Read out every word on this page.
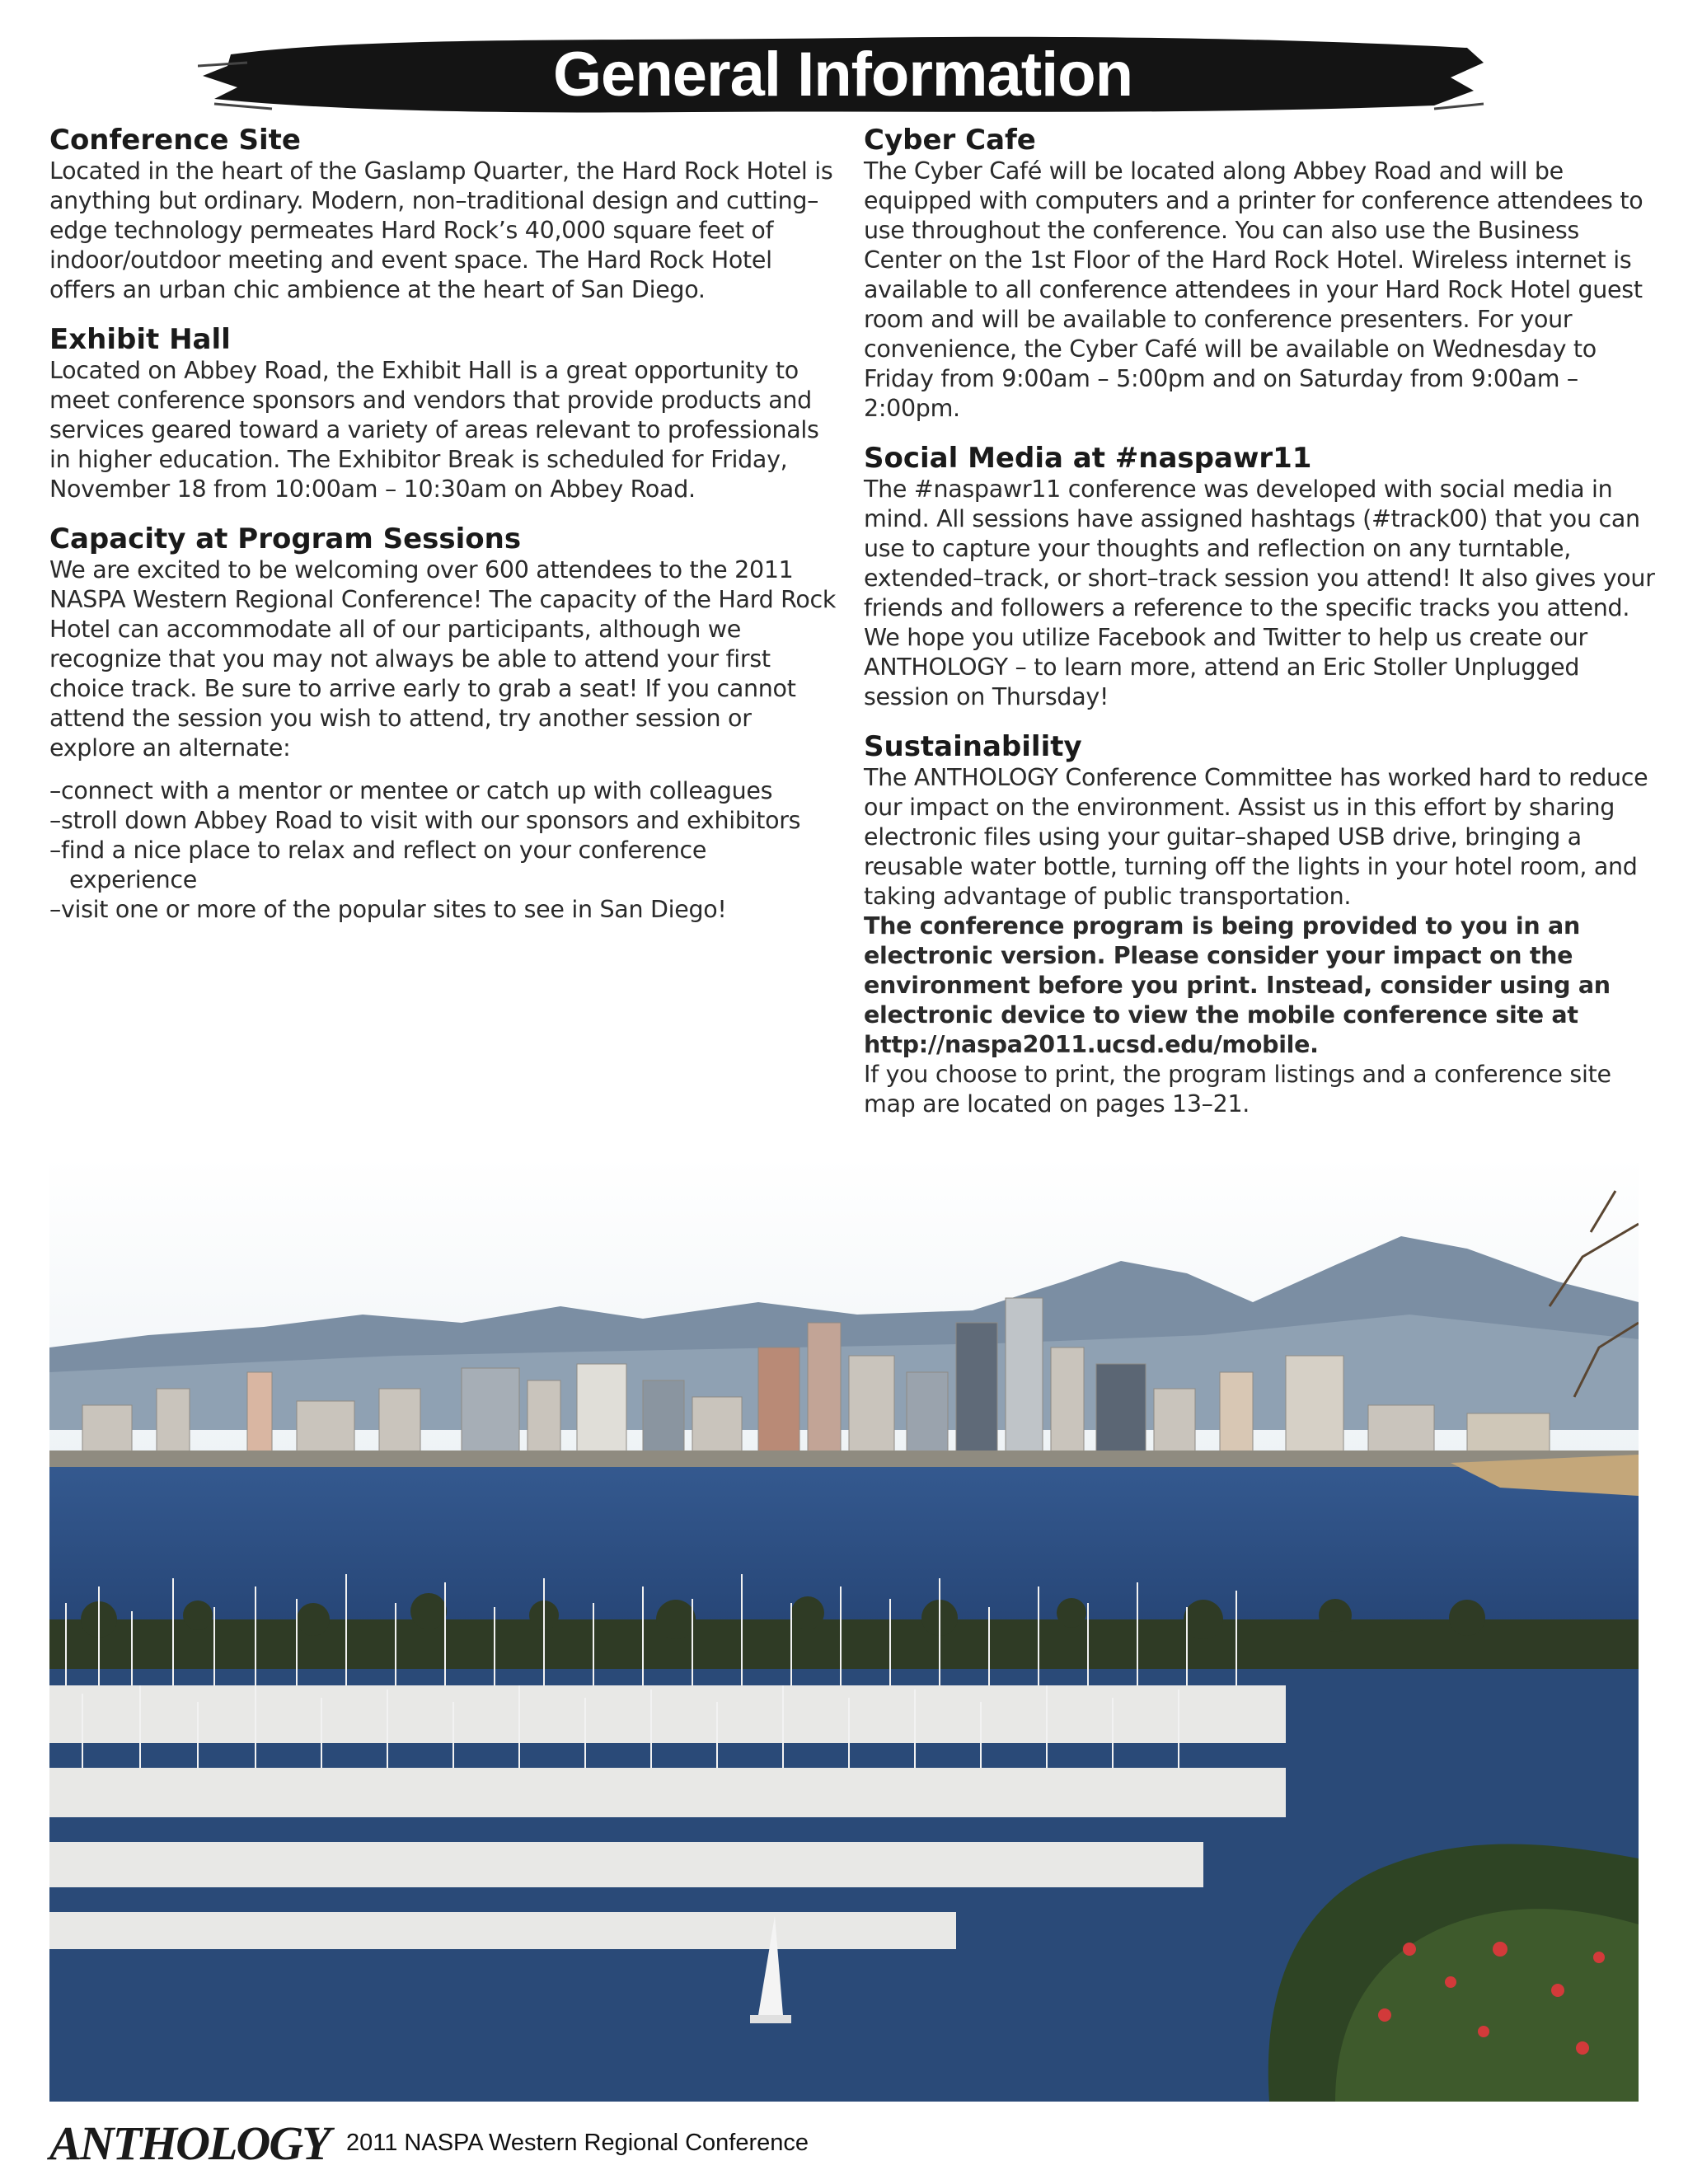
General Information
Conference Site

Located in the heart of the Gaslamp Quarter, the Hard Rock Hotel is anything but ordinary. Modern, non–traditional design and cutting–edge technology permeates Hard Rock’s 40,000 square feet of indoor/outdoor meeting and event space. The Hard Rock Hotel offers an urban chic ambience at the heart of San Diego.

Exhibit Hall

Located on Abbey Road, the Exhibit Hall is a great opportunity to meet conference sponsors and vendors that provide products and services geared toward a variety of areas relevant to professionals in higher education. The Exhibitor Break is scheduled for Friday, November 18 from 10:00am – 10:30am on Abbey Road.

Capacity at Program Sessions

We are excited to be welcoming over 600 attendees to the 2011 NASPA Western Regional Conference! The capacity of the Hard Rock Hotel can accommodate all of our participants, although we recognize that you may not always be able to attend your first choice track. Be sure to arrive early to grab a seat! If you cannot attend the session you wish to attend, try another session or explore an alternate:

–connect with a mentor or mentee or catch up with colleagues
–stroll down Abbey Road to visit with our sponsors and exhibitors
–find a nice place to relax and reflect on your conference experience
–visit one or more of the popular sites to see in San Diego!
Cyber Cafe

The Cyber Café will be located along Abbey Road and will be equipped with computers and a printer for conference attendees to use throughout the conference. You can also use the Business Center on the 1st Floor of the Hard Rock Hotel. Wireless internet is available to all conference attendees in your Hard Rock Hotel guest room and will be available to conference presenters. For your convenience, the Cyber Café will be available on Wednesday to Friday from 9:00am – 5:00pm and on Saturday from 9:00am – 2:00pm.

Social Media at #naspawr11

The #naspawr11 conference was developed with social media in mind. All sessions have assigned hashtags (#track00) that you can use to capture your thoughts and reflection on any turntable, extended–track, or short–track session you attend! It also gives your friends and followers a reference to the specific tracks you attend. We hope you utilize Facebook and Twitter to help us create our ANTHOLOGY – to learn more, attend an Eric Stoller Unplugged session on Thursday!

Sustainability

The ANTHOLOGY Conference Committee has worked hard to reduce our impact on the environment. Assist us in this effort by sharing electronic files using your guitar–shaped USB drive, bringing a reusable water bottle, turning off the lights in your hotel room, and taking advantage of public transportation.

The conference program is being provided to you in an electronic version. Please consider your impact on the environment before you print. Instead, consider using an electronic device to view the mobile conference site at http://naspa2011.ucsd.edu/mobile.

If you choose to print, the program listings and a conference site map are located on pages 13–21.

ANTHOLOGY 2011 NASPA Western Regional Conference
